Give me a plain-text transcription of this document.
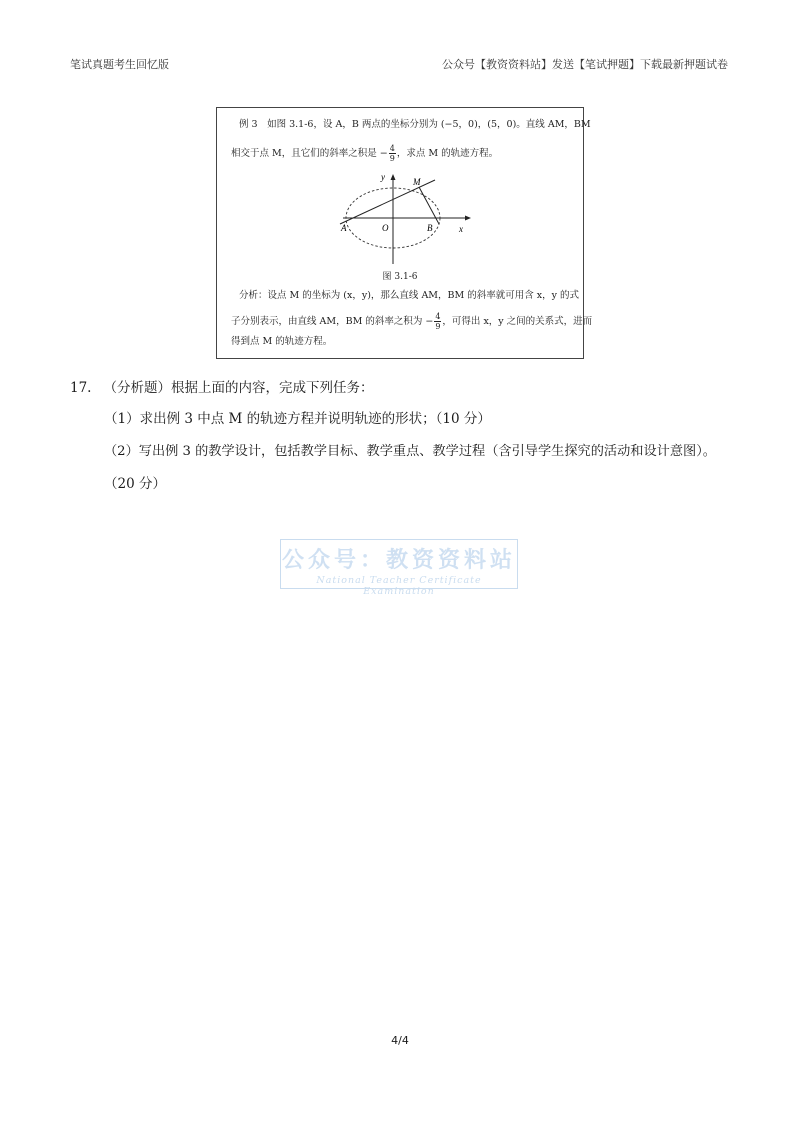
笔试真题考生回忆版	公众号【教资资料站】发送【笔试押题】下载最新押题试卷
例 3　如图 3.1-6，设 A，B 两点的坐标分别为 (−5，0)，(5，0)。直线 AM，BM
相交于点 M，且它们的斜率之积是 − $\frac{4}{9}$ ，求点 M 的轨迹方程。
y
x
O
A	B
M
图 3.1-6
分析：设点 M 的坐标为 (x，y)，那么直线 AM，BM 的斜率就可用含 x，y 的式
子分别表示，由直线 AM，BM 的斜率之积为 − $\frac{4}{9}$ ，可得出 x，y 之间的关系式，进而
得到点 M 的轨迹方程。
17. （分析题）根据上面的内容，完成下列任务：
（1）求出例 3 中点 M 的轨迹方程并说明轨迹的形状；（10 分）
（2）写出例 3 的教学设计，包括教学目标、教学重点、教学过程（含引导学生探究的活动和设计意图）。
（20 分）
公众号：教资资料站
National Teacher Certificate Examination
4/4
